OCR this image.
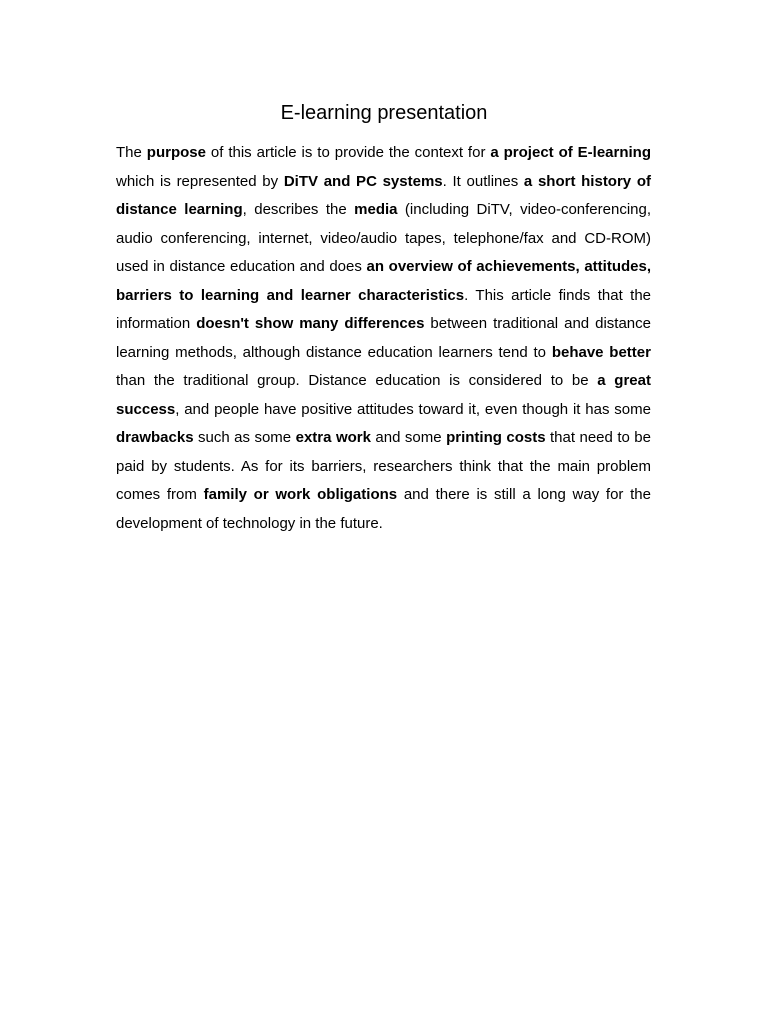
E-learning presentation

The purpose of this article is to provide the context for a project of E-learning which is represented by DiTV and PC systems. It outlines a short history of distance learning, describes the media (including DiTV, video-conferencing, audio conferencing, internet, video/audio tapes, telephone/fax and CD-ROM) used in distance education and does an overview of achievements, attitudes, barriers to learning and learner characteristics. This article finds that the information doesn't show many differences between traditional and distance learning methods, although distance education learners tend to behave better than the traditional group. Distance education is considered to be a great success, and people have positive attitudes toward it, even though it has some drawbacks such as some extra work and some printing costs that need to be paid by students. As for its barriers, researchers think that the main problem comes from family or work obligations and there is still a long way for the development of technology in the future.
